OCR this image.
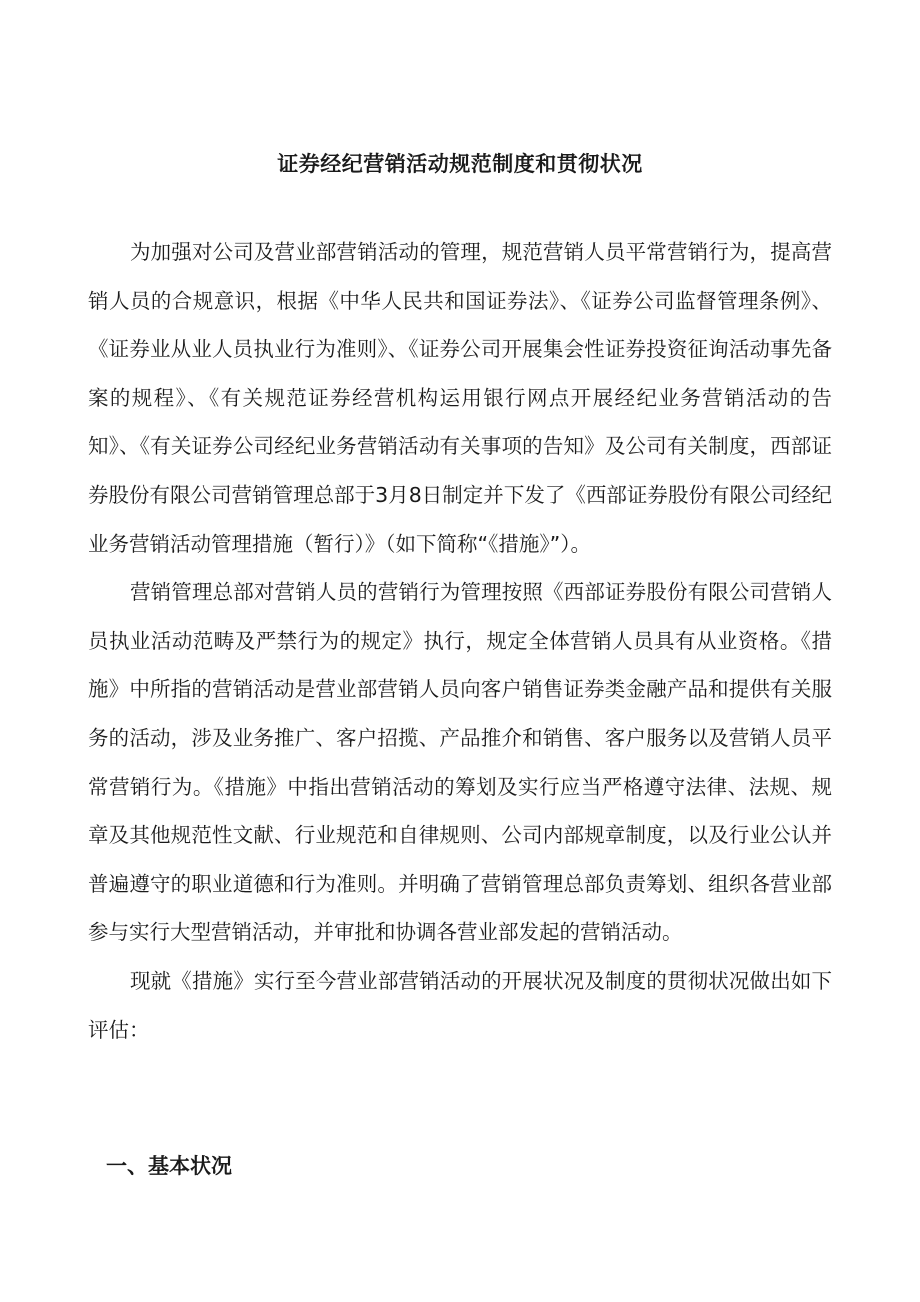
证券经纪营销活动规范制度和贯彻状况

为加强对公司及营业部营销活动的管理，规范营销人员平常营销行为，提高营销人员的合规意识，根据《中华人民共和国证券法》、《证券公司监督管理条例》、《证券业从业人员执业行为准则》、《证券公司开展集会性证券投资征询活动事先备案的规程》、《有关规范证券经营机构运用银行网点开展经纪业务营销活动的告知》、《有关证券公司经纪业务营销活动有关事项的告知》及公司有关制度，西部证券股份有限公司营销管理总部于3月8日制定并下发了《西部证券股份有限公司经纪业务营销活动管理措施（暂行）》（如下简称“《措施》”）。

营销管理总部对营销人员的营销行为管理按照《西部证券股份有限公司营销人员执业活动范畴及严禁行为的规定》执行，规定全体营销人员具有从业资格。《措施》中所指的营销活动是营业部营销人员向客户销售证券类金融产品和提供有关服务的活动，涉及业务推广、客户招揽、产品推介和销售、客户服务以及营销人员平常营销行为。《措施》中指出营销活动的筹划及实行应当严格遵守法律、法规、规章及其他规范性文献、行业规范和自律规则、公司内部规章制度，以及行业公认并普遍遵守的职业道德和行为准则。并明确了营销管理总部负责筹划、组织各营业部参与实行大型营销活动，并审批和协调各营业部发起的营销活动。

现就《措施》实行至今营业部营销活动的开展状况及制度的贯彻状况做出如下评估：

一、基本状况
